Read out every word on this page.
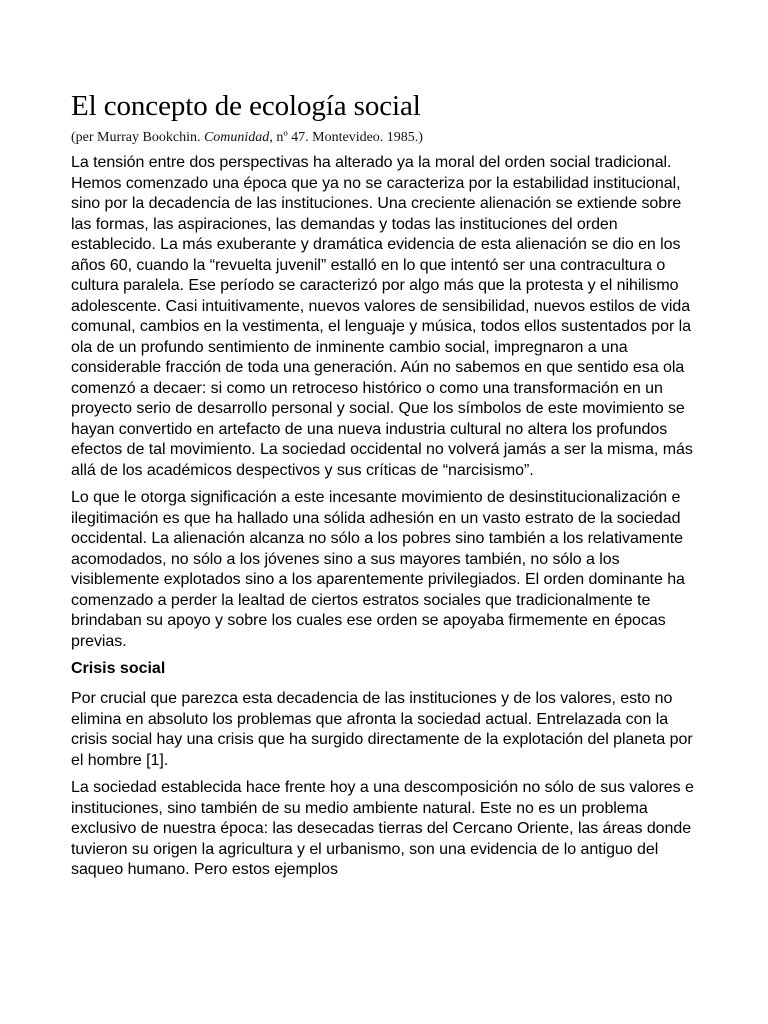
El concepto de ecología social
(per Murray Bookchin. Comunidad, nº 47. Montevideo. 1985.)

La tensión entre dos perspectivas ha alterado ya la moral del orden social tradicional. Hemos comenzado una época que ya no se caracteriza por la estabilidad institucional, sino por la decadencia de las instituciones. Una creciente alienación se extiende sobre las formas, las aspiraciones, las demandas y todas las instituciones del orden establecido. La más exuberante y dramática evidencia de esta alienación se dio en los años 60, cuando la “revuelta juvenil” estalló en lo que intentó ser una contracultura o cultura paralela. Ese período se caracterizó por algo más que la protesta y el nihilismo adolescente. Casi intuitivamente, nuevos valores de sensibilidad, nuevos estilos de vida comunal, cambios en la vestimenta, el lenguaje y música, todos ellos sustentados por la ola de un profundo sentimiento de inminente cambio social, impregnaron a una considerable fracción de toda una generación. Aún no sabemos en que sentido esa ola comenzó a decaer: si como un retroceso histórico o como una transformación en un proyecto serio de desarrollo personal y social. Que los símbolos de este movimiento se hayan convertido en artefacto de una nueva industria cultural no altera los profundos efectos de tal movimiento. La sociedad occidental no volverá jamás a ser la misma, más allá de los académicos despectivos y sus críticas de “narcisismo”.

Lo que le otorga significación a este incesante movimiento de desinstitucionalización e ilegitimación es que ha hallado una sólida adhesión en un vasto estrato de la sociedad occidental. La alienación alcanza no sólo a los pobres sino también a los relativamente acomodados, no sólo a los jóvenes sino a sus mayores también, no sólo a los visiblemente explotados sino a los aparentemente privilegiados. El orden dominante ha comenzado a perder la lealtad de ciertos estratos sociales que tradicionalmente te brindaban su apoyo y sobre los cuales ese orden se apoyaba firmemente en épocas previas.

Crisis social

Por crucial que parezca esta decadencia de las instituciones y de los valores, esto no elimina en absoluto los problemas que afronta la sociedad actual. Entrelazada con la crisis social hay una crisis que ha surgido directamente de la explotación del planeta por el hombre [1].

La sociedad establecida hace frente hoy a una descomposición no sólo de sus valores e instituciones, sino también de su medio ambiente natural. Este no es un problema exclusivo de nuestra época: las desecadas tierras del Cercano Oriente, las áreas donde tuvieron su origen la agricultura y el urbanismo, son una evidencia de lo antiguo del saqueo humano. Pero estos ejemplos
